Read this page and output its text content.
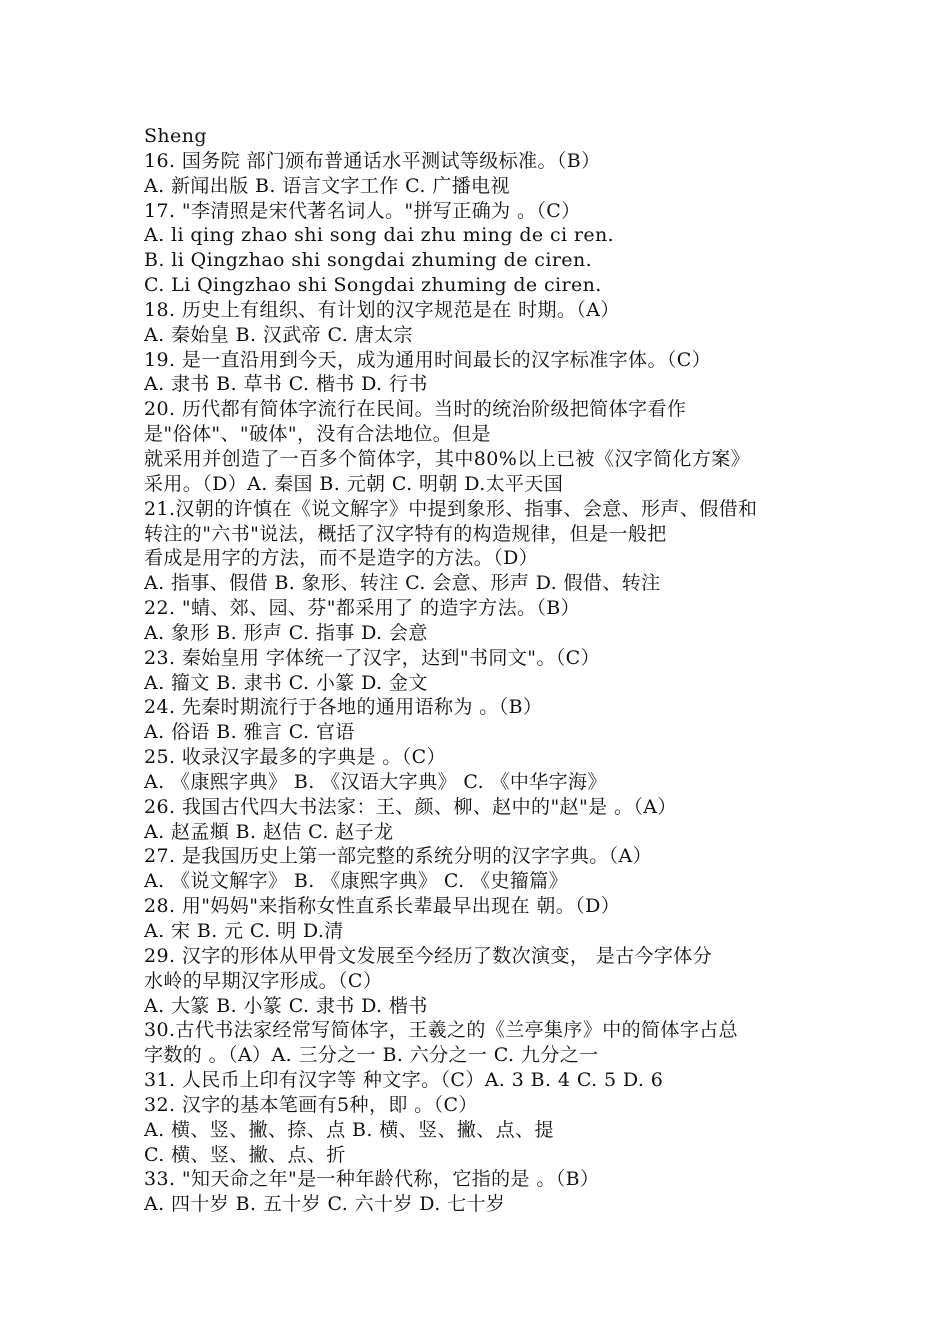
Sheng
16. 国务院 部门颁布普通话水平测试等级标准。（B）
A. 新闻出版 B. 语言文字工作 C. 广播电视
17. "李清照是宋代著名词人。"拼写正确为 。（C）
A. li qing zhao shi song dai zhu ming de ci ren.
B. li Qingzhao shi songdai zhuming de ciren.
C. Li Qingzhao shi Songdai zhuming de ciren.
18. 历史上有组织、有计划的汉字规范是在 时期。（A）
A. 秦始皇 B. 汉武帝 C. 唐太宗
19. 是一直沿用到今天，成为通用时间最长的汉字标准字体。（C）
A. 隶书 B. 草书 C. 楷书 D. 行书
20. 历代都有简体字流行在民间。当时的统治阶级把简体字看作
是"俗体"、"破体"，没有合法地位。但是
就采用并创造了一百多个简体字，其中80%以上已被《汉字简化方案》
采用。（D）A. 秦国 B. 元朝 C. 明朝 D.太平天国
21.汉朝的许慎在《说文解字》中提到象形、指事、会意、形声、假借和
转注的"六书"说法，概括了汉字特有的构造规律，但是一般把
看成是用字的方法，而不是造字的方法。（D）
A. 指事、假借 B. 象形、转注 C. 会意、形声 D. 假借、转注
22. "蜻、郊、园、芬"都采用了 的造字方法。（B）
A. 象形 B. 形声 C. 指事 D. 会意
23. 秦始皇用 字体统一了汉字，达到"书同文"。（C）
A. 籀文 B. 隶书 C. 小篆 D. 金文
24. 先秦时期流行于各地的通用语称为 。（B）
A. 俗语 B. 雅言 C. 官语
25. 收录汉字最多的字典是 。（C）
A. 《康熙字典》 B. 《汉语大字典》 C. 《中华字海》
26. 我国古代四大书法家：王、颜、柳、赵中的"赵"是 。（A）
A. 赵孟頫 B. 赵佶 C. 赵子龙
27. 是我国历史上第一部完整的系统分明的汉字字典。（A）
A. 《说文解字》 B. 《康熙字典》 C. 《史籀篇》
28. 用"妈妈"来指称女性直系长辈最早出现在 朝。（D）
A. 宋 B. 元 C. 明 D.清
29. 汉字的形体从甲骨文发展至今经历了数次演变， 是古今字体分
水岭的早期汉字形成。（C）
A. 大篆 B. 小篆 C. 隶书 D. 楷书
30.古代书法家经常写简体字，王羲之的《兰亭集序》中的简体字占总
字数的 。（A）A. 三分之一 B. 六分之一 C. 九分之一
31. 人民币上印有汉字等 种文字。（C）A. 3 B. 4 C. 5 D. 6
32. 汉字的基本笔画有5种，即 。（C）
A. 横、竖、撇、捺、点 B. 横、竖、撇、点、提
C. 横、竖、撇、点、折
33. "知天命之年"是一种年龄代称，它指的是 。（B）
A. 四十岁 B. 五十岁 C. 六十岁 D. 七十岁
